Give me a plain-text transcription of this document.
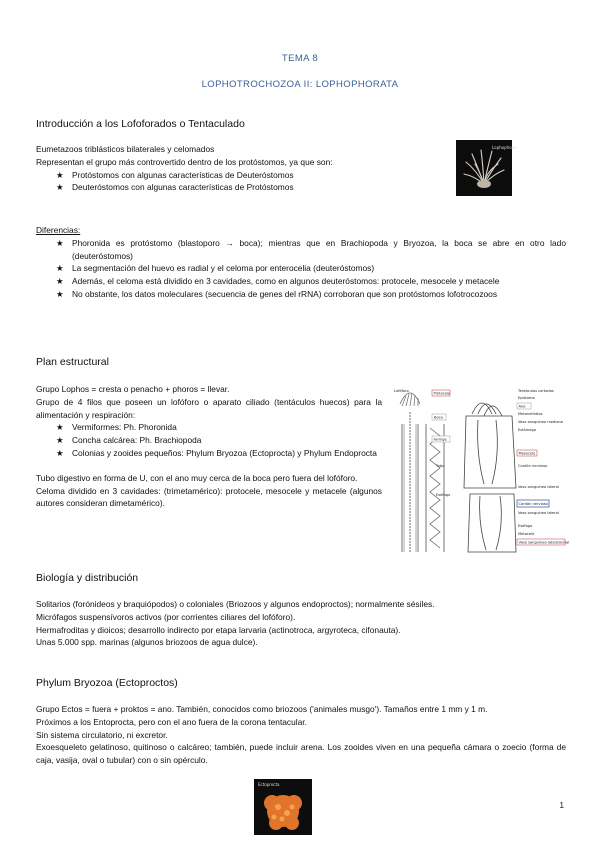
TEMA 8
LOPHOTROCHOZOA II: LOPHOPHORATA
Introducción a los Lofoforados o Tentaculado
Eumetazoos triblásticos bilaterales y celomados
Representan el grupo más controvertido dentro de los protóstomos, ya que son:
★ Protóstomos con algunas características de Deuteróstomos
★ Deuteróstomos con algunas características de Protóstomos
Lophophore
Diferencias:
★ Phoronida es protóstomo (blastoporo → boca); mientras que en Brachiopoda y Bryozoa, la boca se abre en otro lado (deuteróstomos)
★ La segmentación del huevo es radial y el celoma por enterocelia (deuteróstomos)
★ Además, el celoma está dividido en 3 cavidades, como en algunos deuteróstomos: protocele, mesocele y metacele
★ No obstante, los datos moleculares (secuencia de genes del rRNA) corroboran que son protóstomos lofotrocozoos
Plan estructural
Grupo Lophos = cresta o penacho + phoros = llevar.
Grupo de 4 filos que poseen un lofóforo o aparato ciliado (tentáculos huecos) para la alimentación y respiración:
★ Vermiformes: Ph. Phoronida
★ Concha calcárea: Ph. Brachiopoda
★ Colonias y zooides pequeños: Phylum Bryozoa (Ectoprocta) y Phylum Endoprocta
Tubo digestivo en forma de U, con el ano muy cerca de la boca pero fuera del lofóforo.
Celoma dividido en 3 cavidades: (trimetamérico): protocele, mesocele y metacele (algunos autores consideran dimetamérico).
Protocele
Lofóforo
Boca
Faringe
Tubo
Tentáculos cortados
Epistoma
Ano
Metanefridios
Vaso sanguíneo mediano
Estómago
Mesocele
Cordón nervioso
Vaso sanguíneo lateral
Esófago
Cordón nervioso
Vaso sanguíneo lateral
Esófago
Vaso sanguíneo laterodorsal
Metacele
Biología y distribución
Solitarios (forónideos y braquiópodos) o coloniales (Briozoos y algunos endoproctos); normalmente sésiles.
Micrófagos suspensívoros activos (por corrientes ciliares del lofóforo).
Hermafroditas y dioicos; desarrollo indirecto por etapa larvaria (actinotroca, argyroteca, cifonauta).
Unas 5.000 spp. marinas (algunos briozoos de agua dulce).
Phylum Bryozoa (Ectoproctos)
Grupo Ectos = fuera + proktos = ano. También, conocidos como briozoos ('animales musgo'). Tamaños entre 1 mm y 1 m.
Próximos a los Entoproctа, pero con el ano fuera de la corona tentacular.
Sin sistema circulatorio, ni excretor.
Exoesqueleto gelatinoso, quitinoso o calcáreo; también, puede incluir arena. Los zooides viven en una pequeña cámara o zoecio (forma de caja, vasija, oval o tubular) con o sin opérculo.
Ectoprocta
1
